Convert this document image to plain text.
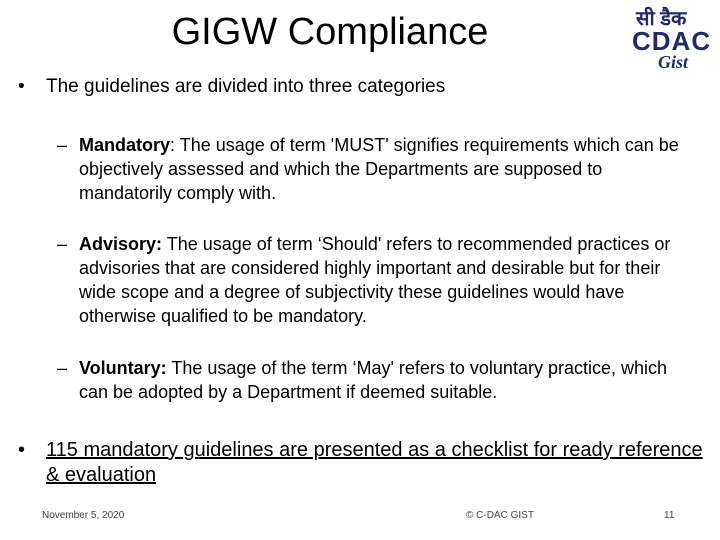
GIGW Compliance	सी डैक
CDAC
Gist
• The guidelines are divided into three categories
– Mandatory: The usage of term 'MUST' signifies requirements which can be objectively assessed and which the Departments are supposed to mandatorily comply with.
– Advisory: The usage of term ‘Should' refers to recommended practices or advisories that are considered highly important and desirable but for their wide scope and a degree of subjectivity these guidelines would have otherwise qualified to be mandatory.
– Voluntary: The usage of the term ‘May' refers to voluntary practice, which can be adopted by a Department if deemed suitable.
• 115 mandatory guidelines are presented as a checklist for ready reference & evaluation
November 5, 2020	© C-DAC GIST	11
